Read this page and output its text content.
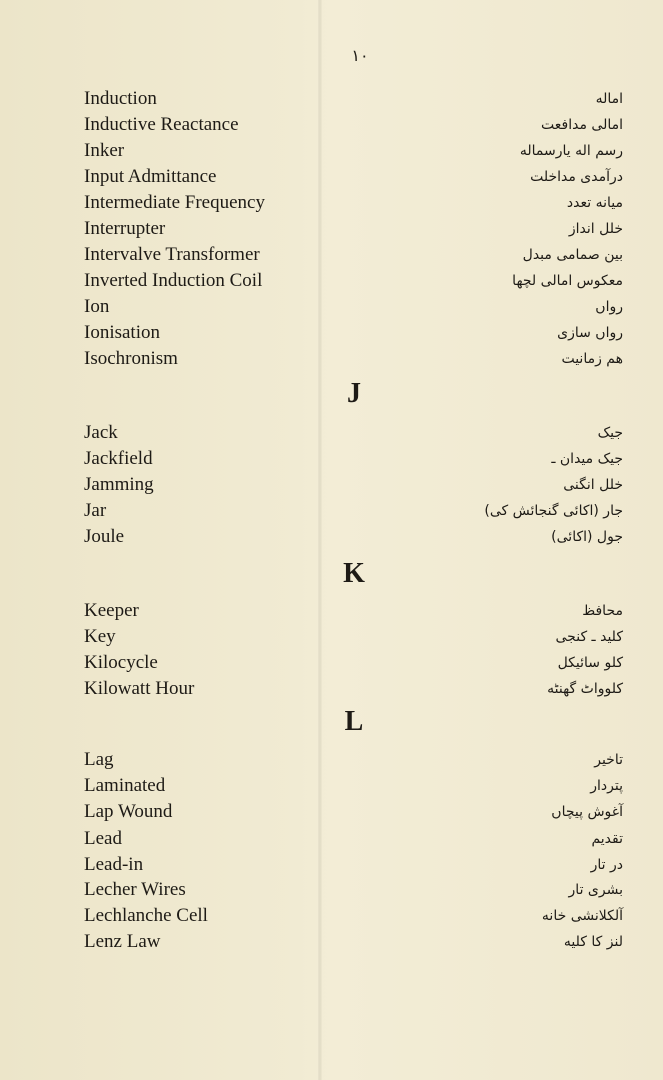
١٠
Induction	اماله
Inductive Reactance	امالی مدافعت
Inker	رسم اله یارسماله
Input Admittance	درآمدی مداخلت
Intermediate Frequency	میانه تعدد
Interrupter	خلل انداز
Intervalve Transformer	بین صمامی مبدل
Inverted Induction Coil	معکوس امالی لچھا
Ion	رواں
Ionisation	رواں سازی
Isochronism	هم زمانیت
J
Jack	جیک
Jackfield	جیک میدان ـ
Jamming	خلل انگنی
Jar	جار (اکائی گنجائش کی)
Joule	جول (اکائی)
K
Keeper	محافظ
Key	کلید ـ کنجی
Kilocycle	کلو سائیکل
Kilowatt Hour	کلوواٹ گھنٹه
L
Lag	تاخیر
Laminated	پتردار
Lap Wound	آغوش پیچاں
Lead	تقدیم
Lead-in	در تار
Lecher Wires	بشری تار
Lechlanche Cell	آلکلانشی خانه
Lenz Law	لنز کا کلیه
